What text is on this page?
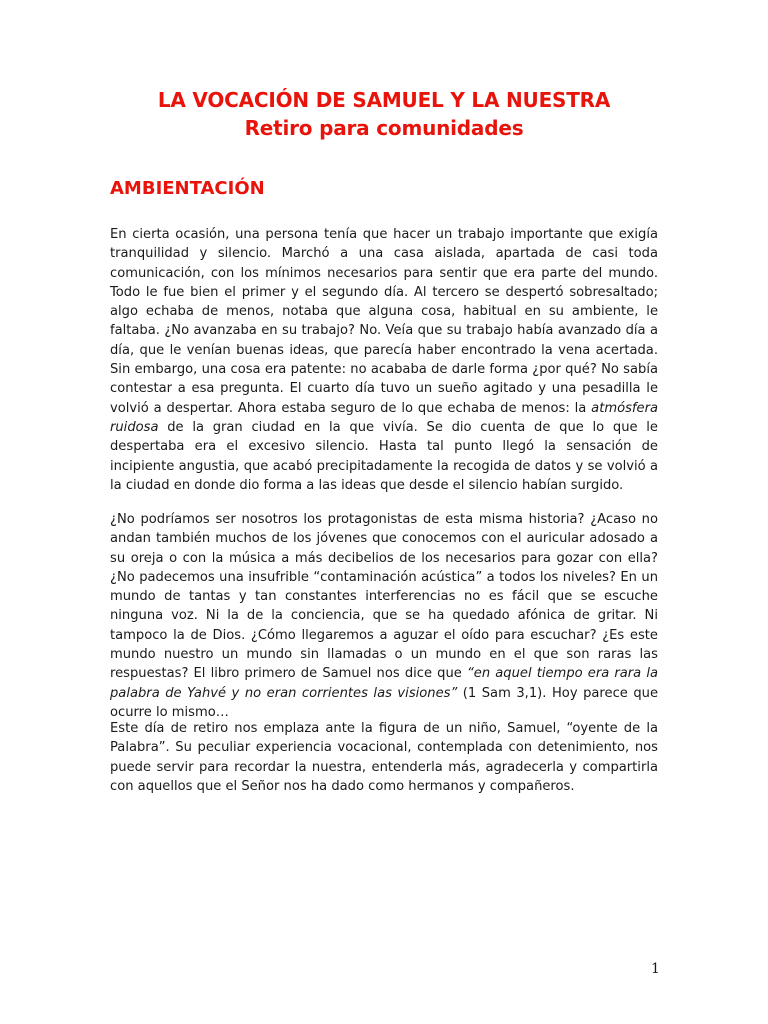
LA VOCACIÓN DE SAMUEL Y LA NUESTRA
Retiro para comunidades
AMBIENTACIÓN

En cierta ocasión, una persona tenía que hacer un trabajo importante que exigía tranquilidad y silencio. Marchó a una casa aislada, apartada de casi toda comunicación, con los mínimos necesarios para sentir que era parte del mundo. Todo le fue bien el primer y el segundo día. Al tercero se despertó sobresaltado; algo echaba de menos, notaba que alguna cosa, habitual en su ambiente, le faltaba. ¿No avanzaba en su trabajo? No. Veía que su trabajo había avanzado día a día, que le venían buenas ideas, que parecía haber encontrado la vena acertada. Sin embargo, una cosa era patente: no acababa de darle forma ¿por qué? No sabía contestar a esa pregunta. El cuarto día tuvo un sueño agitado y una pesadilla le volvió a despertar. Ahora estaba seguro de lo que echaba de menos: la atmósfera ruidosa de la gran ciudad en la que vivía. Se dio cuenta de que lo que le despertaba era el excesivo silencio. Hasta tal punto llegó la sensación de incipiente angustia, que acabó precipitadamente la recogida de datos y se volvió a la ciudad en donde dio forma a las ideas que desde el silencio habían surgido.

¿No podríamos ser nosotros los protagonistas de esta misma historia? ¿Acaso no andan también muchos de los jóvenes que conocemos con el auricular adosado a su oreja o con la música a más decibelios de los necesarios para gozar con ella? ¿No padecemos una insufrible “contaminación acústica” a todos los niveles? En un mundo de tantas y tan constantes interferencias no es fácil que se escuche ninguna voz. Ni la de la conciencia, que se ha quedado afónica de gritar. Ni tampoco la de Dios. ¿Cómo llegaremos a aguzar el oído para escuchar? ¿Es este mundo nuestro un mundo sin llamadas o un mundo en el que son raras las respuestas? El libro primero de Samuel nos dice que “en aquel tiempo era rara la palabra de Yahvé y no eran corrientes las visiones” (1 Sam 3,1). Hoy parece que ocurre lo mismo…

Este día de retiro nos emplaza ante la figura de un niño, Samuel, “oyente de la Palabra”. Su peculiar experiencia vocacional, contemplada con detenimiento, nos puede servir para recordar la nuestra, entenderla más, agradecerla y compartirla con aquellos que el Señor nos ha dado como hermanos y compañeros.

1
